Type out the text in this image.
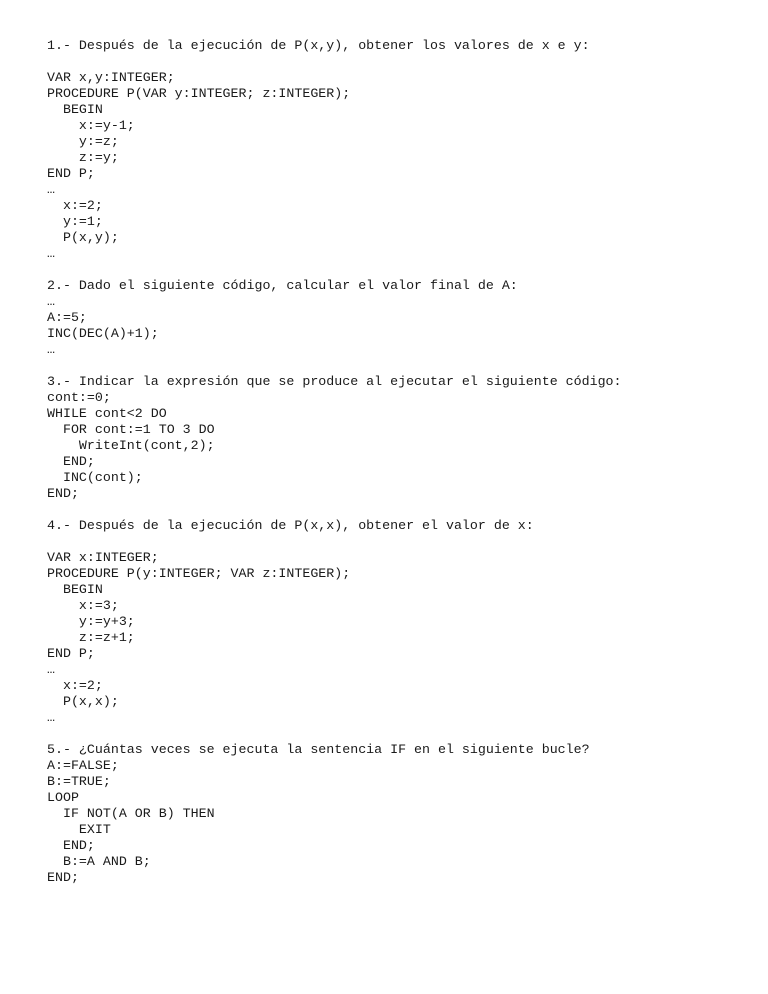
1.- Después de la ejecución de P(x,y), obtener los valores de x e y:
VAR x,y:INTEGER;
PROCEDURE P(VAR y:INTEGER; z:INTEGER);
BEGIN
x:=y-1;
y:=z;
z:=y;
END P;
…
x:=2;
y:=1;
P(x,y);
…
2.- Dado el siguiente código, calcular el valor final de A:
…
A:=5;
INC(DEC(A)+1);
…
3.- Indicar la expresión que se produce al ejecutar el siguiente código:
cont:=0;
WHILE cont<2 DO
FOR cont:=1 TO 3 DO
WriteInt(cont,2);
END;
INC(cont);
END;
4.- Después de la ejecución de P(x,x), obtener el valor de x:
VAR x:INTEGER;
PROCEDURE P(y:INTEGER; VAR z:INTEGER);
BEGIN
x:=3;
y:=y+3;
z:=z+1;
END P;
…
x:=2;
P(x,x);
…
5.- ¿Cuántas veces se ejecuta la sentencia IF en el siguiente bucle?
A:=FALSE;
B:=TRUE;
LOOP
IF NOT(A OR B) THEN
EXIT
END;
B:=A AND B;
END;
